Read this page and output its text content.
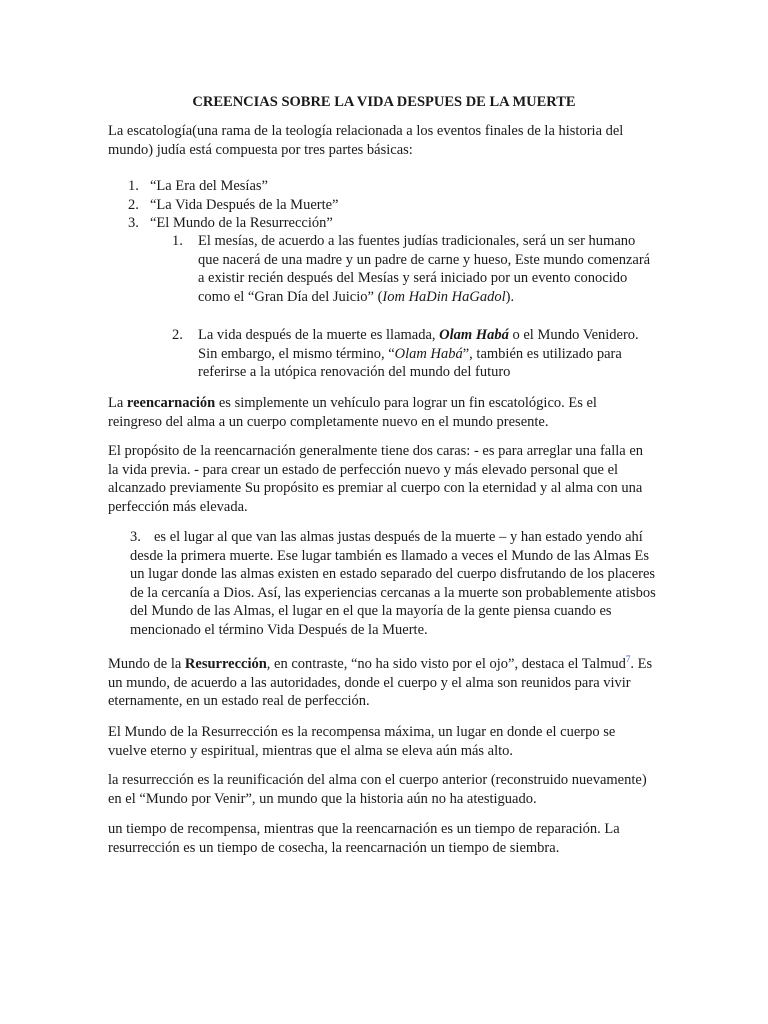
CREENCIAS SOBRE LA VIDA DESPUES DE LA MUERTE

La escatología(una rama de la teología relacionada a los eventos finales de la historia del mundo) judía está compuesta por tres partes básicas:

1. “La Era del Mesías”
2. “La Vida Después de la Muerte”
3. “El Mundo de la Resurrección”
1. El mesías, de acuerdo a las fuentes judías tradicionales, será un ser humano que nacerá de una madre y un padre de carne y hueso, Este mundo comenzará a existir recién después del Mesías y será iniciado por un evento conocido como el “Gran Día del Juicio” (Iom HaDin HaGadol).

2. La vida después de la muerte es llamada, Olam Habá o el Mundo Venidero. Sin embargo, el mismo término, “Olam Habá”, también es utilizado para referirse a la utópica renovación del mundo del futuro

La reencarnación es simplemente un vehículo para lograr un fin escatológico. Es el reingreso del alma a un cuerpo completamente nuevo en el mundo presente.

El propósito de la reencarnación generalmente tiene dos caras: - es para arreglar una falla en la vida previa. - para crear un estado de perfección nuevo y más elevado personal que el alcanzado previamente Su propósito es premiar al cuerpo con la eternidad y al alma con una perfección más elevada.

3. es el lugar al que van las almas justas después de la muerte – y han estado yendo ahí desde la primera muerte. Ese lugar también es llamado a veces el Mundo de las Almas Es un lugar donde las almas existen en estado separado del cuerpo disfrutando de los placeres de la cercanía a Dios. Así, las experiencias cercanas a la muerte son probablemente atisbos del Mundo de las Almas, el lugar en el que la mayoría de la gente piensa cuando es mencionado el término Vida Después de la Muerte.

Mundo de la Resurrección, en contraste, “no ha sido visto por el ojo”, destaca el Talmud$^7$. Es un mundo, de acuerdo a las autoridades, donde el cuerpo y el alma son reunidos para vivir eternamente, en un estado real de perfección.

El Mundo de la Resurrección es la recompensa máxima, un lugar en donde el cuerpo se vuelve eterno y espiritual, mientras que el alma se eleva aún más alto.

la resurrección es la reunificación del alma con el cuerpo anterior (reconstruido nuevamente) en el “Mundo por Venir”, un mundo que la historia aún no ha atestiguado.

un tiempo de recompensa, mientras que la reencarnación es un tiempo de reparación. La resurrección es un tiempo de cosecha, la reencarnación un tiempo de siembra.
